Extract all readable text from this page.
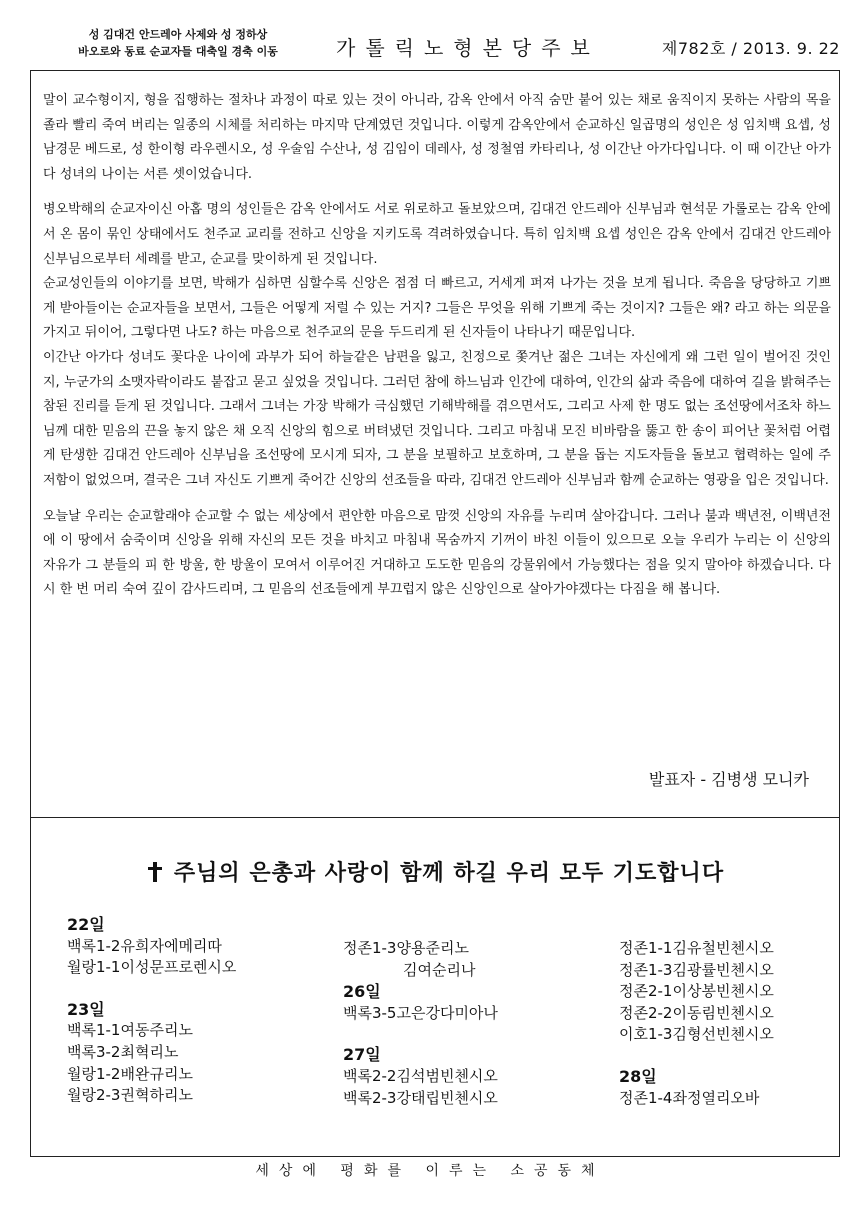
성 김대건 안드레아 사제와 성 정하상
바오로와 동료 순교자들 대축일 경축 이동	가톨릭노형본당주보	제782호 / 2013. 9. 22

말이 교수형이지, 형을 집행하는 절차나 과정이 따로 있는 것이 아니라, 감옥 안에서 아직 숨만 붙어 있는 채로 움직이지 못하는 사람의 목을 졸라 빨리 죽여 버리는 일종의 시체를 처리하는 마지막 단계였던 것입니다. 이렇게 감옥안에서 순교하신 일곱명의 성인은 성 임치백 요셉, 성 남경문 베드로, 성 한이형 라우렌시오, 성 우술임 수산나, 성 김임이 데레사, 성 정철염 카타리나, 성 이간난 아가다입니다. 이 때 이간난 아가다 성녀의 나이는 서른 셋이었습니다.

병오박해의 순교자이신 아홉 명의 성인들은 감옥 안에서도 서로 위로하고 돌보았으며, 김대건 안드레아 신부님과 현석문 가롤로는 감옥 안에서 온 몸이 묶인 상태에서도 천주교 교리를 전하고 신앙을 지키도록 격려하였습니다. 특히 임치백 요셉 성인은 감옥 안에서 김대건 안드레아 신부님으로부터 세례를 받고, 순교를 맞이하게 된 것입니다.

순교성인들의 이야기를 보면, 박해가 심하면 심할수록 신앙은 점점 더 빠르고, 거세게 퍼져 나가는 것을 보게 됩니다. 죽음을 당당하고 기쁘게 받아들이는 순교자들을 보면서, 그들은 어떻게 저럴 수 있는 거지? 그들은 무엇을 위해 기쁘게 죽는 것이지? 그들은 왜? 라고 하는 의문을 가지고 뒤이어, 그렇다면 나도? 하는 마음으로 천주교의 문을 두드리게 된 신자들이 나타나기 때문입니다.

이간난 아가다 성녀도 꽃다운 나이에 과부가 되어 하늘같은 남편을 잃고, 친정으로 쫓겨난 젊은 그녀는 자신에게 왜 그런 일이 벌어진 것인지, 누군가의 소맷자락이라도 붙잡고 묻고 싶었을 것입니다. 그러던 참에 하느님과 인간에 대하여, 인간의 삶과 죽음에 대하여 길을 밝혀주는 참된 진리를 듣게 된 것입니다. 그래서 그녀는 가장 박해가 극심했던 기해박해를 겪으면서도, 그리고 사제 한 명도 없는 조선땅에서조차 하느님께 대한 믿음의 끈을 놓지 않은 채 오직 신앙의 힘으로 버텨냈던 것입니다. 그리고 마침내 모진 비바람을 뚫고 한 송이 피어난 꽃처럼 어렵게 탄생한 김대건 안드레아 신부님을 조선땅에 모시게 되자, 그 분을 보필하고 보호하며, 그 분을 돕는 지도자들을 돌보고 협력하는 일에 주저함이 없었으며, 결국은 그녀 자신도 기쁘게 죽어간 신앙의 선조들을 따라, 김대건 안드레아 신부님과 함께 순교하는 영광을 입은 것입니다.

오늘날 우리는 순교할래야 순교할 수 없는 세상에서 편안한 마음으로 맘껏 신앙의 자유를 누리며 살아갑니다. 그러나 불과 백년전, 이백년전에 이 땅에서 숨죽이며 신앙을 위해 자신의 모든 것을 바치고 마침내 목숨까지 기꺼이 바친 이들이 있으므로 오늘 우리가 누리는 이 신앙의 자유가 그 분들의 피 한 방울, 한 방울이 모여서 이루어진 거대하고 도도한 믿음의 강물위에서 가능했다는 점을 잊지 말아야 하겠습니다. 다시 한 번 머리 숙여 깊이 감사드리며, 그 믿음의 선조들에게 부끄럽지 않은 신앙인으로 살아가야겠다는 다짐을 해 봅니다.

발표자 - 김병생 모니카
주님의 은총과 사랑이 함께 하길 우리 모두 기도합니다
22일
백록1-2유희자에메리따
월랑1-1이성문프로렌시오
23일
백록1-1여동주리노
백록3-2최혁리노
월랑1-2배완규리노
월랑2-3권혁하리노
정존1-3양용준리노
김여순리나
26일
백록3-5고은강다미아나
27일
백록2-2김석범빈첸시오
백록2-3강태립빈첸시오
정존1-1김유철빈첸시오
정존1-3김광률빈첸시오
정존2-1이상봉빈첸시오
정존2-2이동림빈첸시오
이호1-3김형선빈첸시오
28일
정존1-4좌정열리오바
세상에 평화를 이루는 소공동체
